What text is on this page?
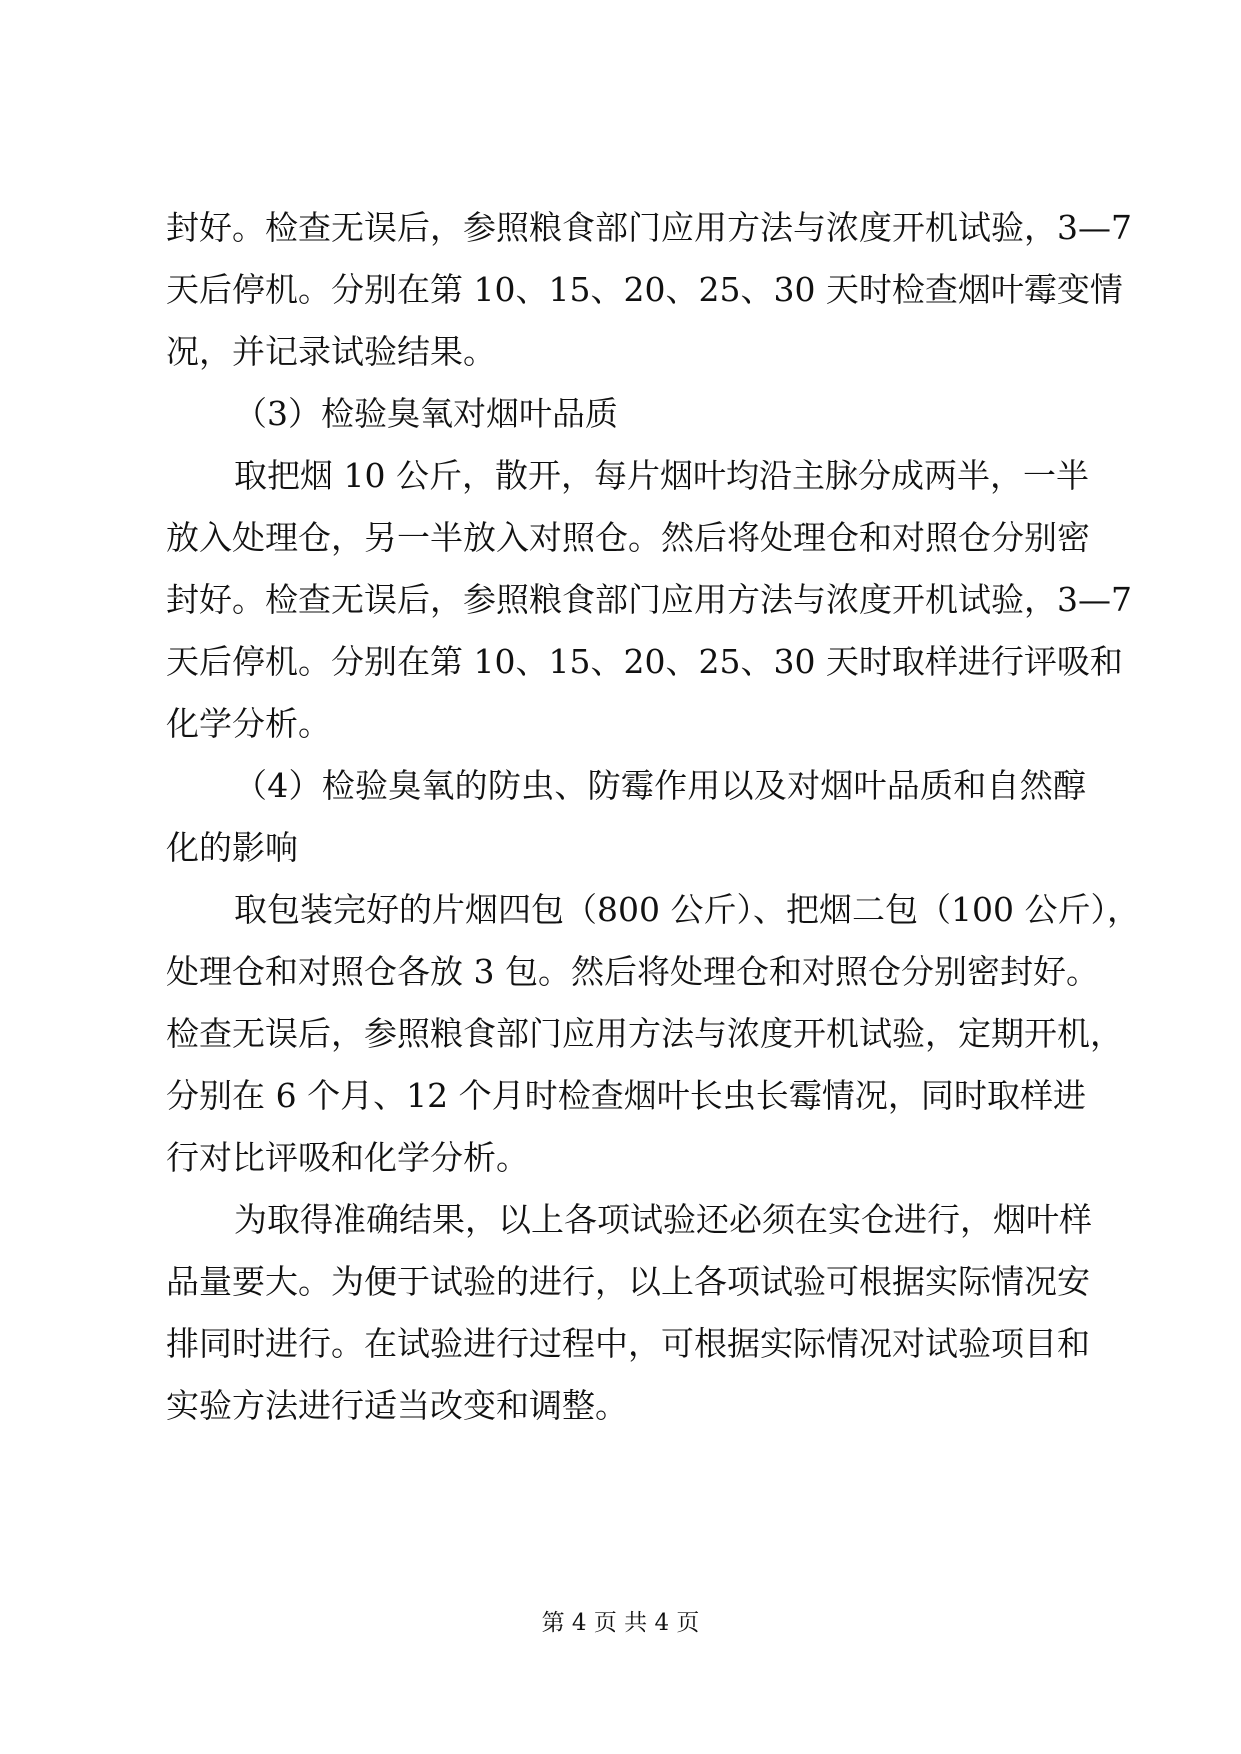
封好。检查无误后，参照粮食部门应用方法与浓度开机试验，3—7
天后停机。分别在第 10、15、20、25、30 天时检查烟叶霉变情
况，并记录试验结果。
（3）检验臭氧对烟叶品质
取把烟 10 公斤，散开，每片烟叶均沿主脉分成两半，一半
放入处理仓，另一半放入对照仓。然后将处理仓和对照仓分别密
封好。检查无误后，参照粮食部门应用方法与浓度开机试验，3—7
天后停机。分别在第 10、15、20、25、30 天时取样进行评吸和
化学分析。
（4）检验臭氧的防虫、防霉作用以及对烟叶品质和自然醇
化的影响
取包装完好的片烟四包（800 公斤）、把烟二包（100 公斤），
处理仓和对照仓各放 3 包。然后将处理仓和对照仓分别密封好。
检查无误后，参照粮食部门应用方法与浓度开机试验，定期开机，
分别在 6 个月、12 个月时检查烟叶长虫长霉情况，同时取样进
行对比评吸和化学分析。
为取得准确结果，以上各项试验还必须在实仓进行，烟叶样
品量要大。为便于试验的进行，以上各项试验可根据实际情况安
排同时进行。在试验进行过程中，可根据实际情况对试验项目和
实验方法进行适当改变和调整。
第 4 页 共 4 页
